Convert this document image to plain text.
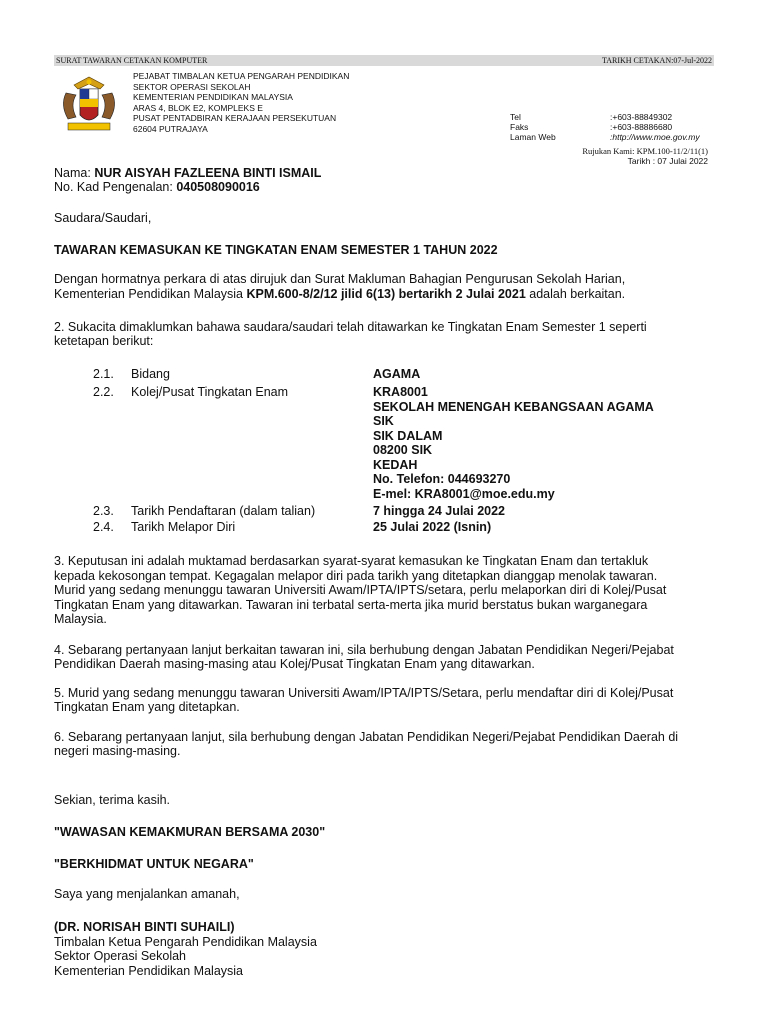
SURAT TAWARAN CETAKAN KOMPUTER	TARIKH CETAKAN:07-Jul-2022
PEJABAT TIMBALAN KETUA PENGARAH PENDIDIKAN
SEKTOR OPERASI SEKOLAH
KEMENTERIAN PENDIDIKAN MALAYSIA
ARAS 4, BLOK E2, KOMPLEKS E
PUSAT PENTADBIRAN KERAJAAN PERSEKUTUAN
62604 PUTRAJAYA
Tel	:+603-88849302
Faks	:+603-88886680
Laman Web	:http://www.moe.gov.my
Rujukan Kami: KPM.100-11/2/11(1)
Tarikh : 07 Julai 2022
Nama: NUR AISYAH FAZLEENA BINTI ISMAIL
No. Kad Pengenalan: 040508090016
Saudara/Saudari,
TAWARAN KEMASUKAN KE TINGKATAN ENAM SEMESTER 1 TAHUN 2022
Dengan hormatnya perkara di atas dirujuk dan Surat Makluman Bahagian Pengurusan Sekolah Harian,
Kementerian Pendidikan Malaysia KPM.600-8/2/12 jilid 6(13) bertarikh 2 Julai 2021 adalah berkaitan.
2. Sukacita dimaklumkan bahawa saudara/saudari telah ditawarkan ke Tingkatan Enam Semester 1 seperti
ketetapan berikut:
2.1. Bidang	AGAMA
2.2. Kolej/Pusat Tingkatan Enam	KRA8001
SEKOLAH MENENGAH KEBANGSAAN AGAMA
SIK
SIK DALAM
08200 SIK
KEDAH
No. Telefon: 044693270
E-mel: KRA8001@moe.edu.my
2.3. Tarikh Pendaftaran (dalam talian)	7 hingga 24 Julai 2022
2.4. Tarikh Melapor Diri	25 Julai 2022 (Isnin)
3. Keputusan ini adalah muktamad berdasarkan syarat-syarat kemasukan ke Tingkatan Enam dan tertakluk
kepada kekosongan tempat. Kegagalan melapor diri pada tarikh yang ditetapkan dianggap menolak tawaran.
Murid yang sedang menunggu tawaran Universiti Awam/IPTA/IPTS/setara, perlu melaporkan diri di Kolej/Pusat
Tingkatan Enam yang ditawarkan. Tawaran ini terbatal serta-merta jika murid berstatus bukan warganegara
Malaysia.
4. Sebarang pertanyaan lanjut berkaitan tawaran ini, sila berhubung dengan Jabatan Pendidikan Negeri/Pejabat
Pendidikan Daerah masing-masing atau Kolej/Pusat Tingkatan Enam yang ditawarkan.
5. Murid yang sedang menunggu tawaran Universiti Awam/IPTA/IPTS/Setara, perlu mendaftar diri di Kolej/Pusat
Tingkatan Enam yang ditetapkan.
6. Sebarang pertanyaan lanjut, sila berhubung dengan Jabatan Pendidikan Negeri/Pejabat Pendidikan Daerah di
negeri masing-masing.
Sekian, terima kasih.
"WAWASAN KEMAKMURAN BERSAMA 2030"
"BERKHIDMAT UNTUK NEGARA"
Saya yang menjalankan amanah,
(DR. NORISAH BINTI SUHAILI)
Timbalan Ketua Pengarah Pendidikan Malaysia
Sektor Operasi Sekolah
Kementerian Pendidikan Malaysia
